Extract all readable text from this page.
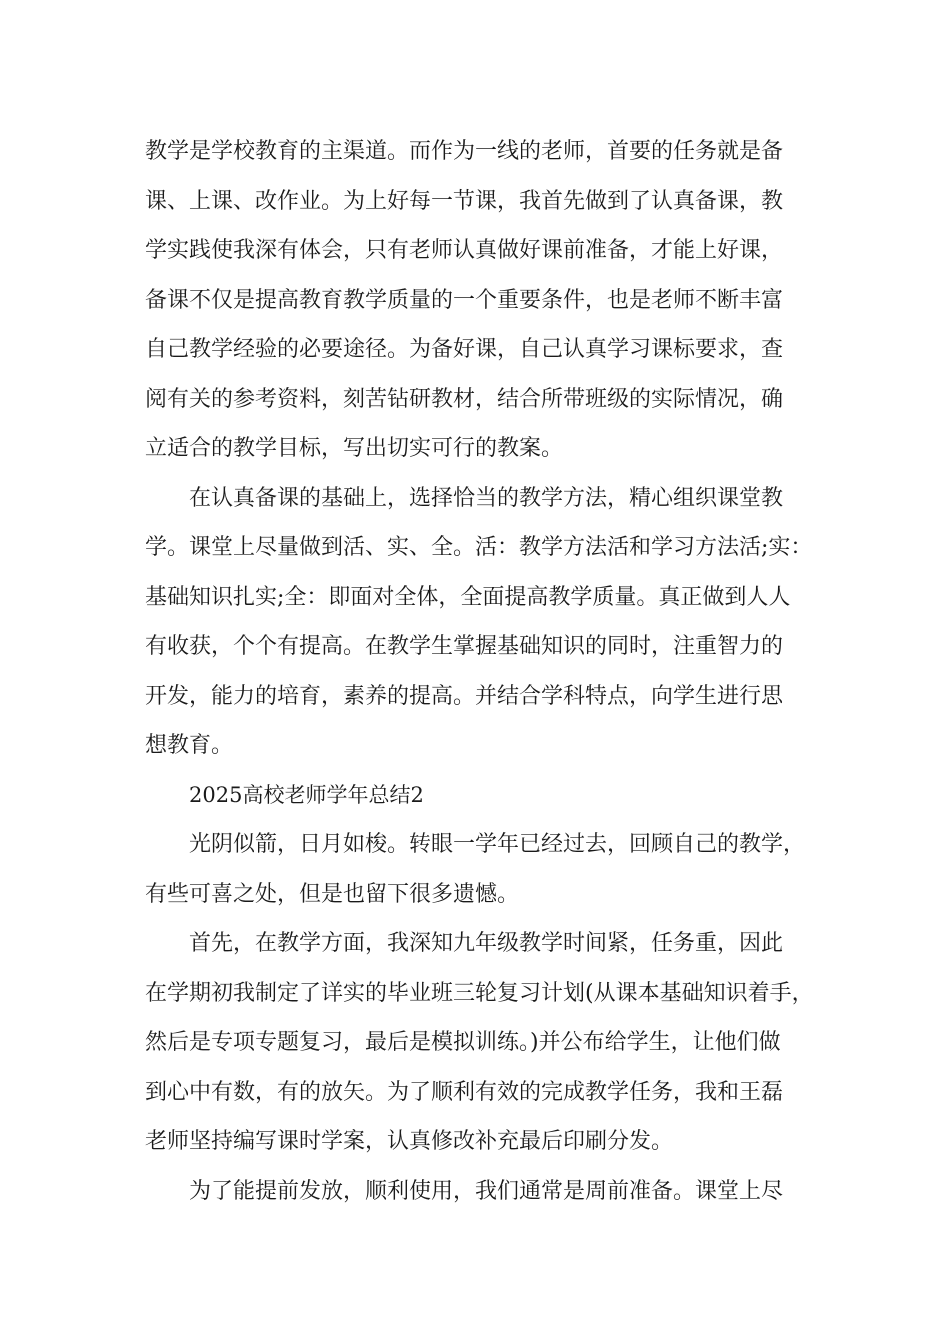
教学是学校教育的主渠道。而作为一线的老师，首要的任务就是备
课、上课、改作业。为上好每一节课，我首先做到了认真备课，教
学实践使我深有体会，只有老师认真做好课前准备，才能上好课，
备课不仅是提高教育教学质量的一个重要条件，也是老师不断丰富
自己教学经验的必要途径。为备好课，自己认真学习课标要求，查
阅有关的参考资料，刻苦钻研教材，结合所带班级的实际情况，确
立适合的教学目标，写出切实可行的教案。

在认真备课的基础上，选择恰当的教学方法，精心组织课堂教
学。课堂上尽量做到活、实、全。活：教学方法活和学习方法活;实：
基础知识扎实;全：即面对全体，全面提高教学质量。真正做到人人
有收获，个个有提高。在教学生掌握基础知识的同时，注重智力的
开发，能力的培育，素养的提高。并结合学科特点，向学生进行思
想教育。

2025高校老师学年总结2

光阴似箭，日月如梭。转眼一学年已经过去，回顾自己的教学，
有些可喜之处，但是也留下很多遗憾。

首先，在教学方面，我深知九年级教学时间紧，任务重，因此
在学期初我制定了详实的毕业班三轮复习计划(从课本基础知识着手，
然后是专项专题复习，最后是模拟训练。)并公布给学生，让他们做
到心中有数，有的放矢。为了顺利有效的完成教学任务，我和王磊
老师坚持编写课时学案，认真修改补充最后印刷分发。

为了能提前发放，顺利使用，我们通常是周前准备。课堂上尽
